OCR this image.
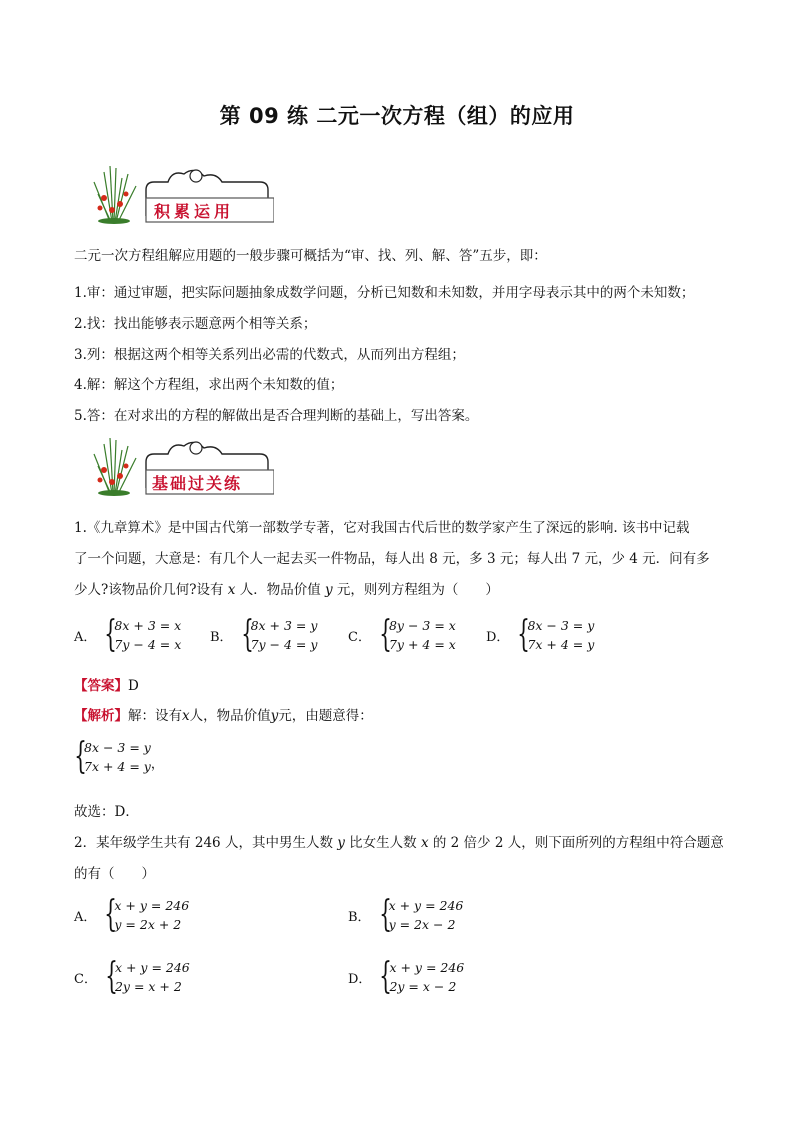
第 09 练 二元一次方程（组）的应用
积累运用
二元一次方程组解应用题的一般步骤可概括为“审、找、列、解、答”五步，即：
1.审：通过审题，把实际问题抽象成数学问题，分析已知数和未知数，并用字母表示其中的两个未知数；
2.找：找出能够表示题意两个相等关系；
3.列：根据这两个相等关系列出必需的代数式，从而列出方程组；
4.解：解这个方程组，求出两个未知数的值；
5.答：在对求出的方程的解做出是否合理判断的基础上，写出答案。
基础过关练
1.《九章算术》是中国古代第一部数学专著，它对我国古代后世的数学家产生了深远的影响. 该书中记载
了一个问题，大意是：有几个人一起去买一件物品，每人出 8 元，多 3 元；每人出 7 元，少 4 元．问有多
少人?该物品价几何?设有 x 人．物品价值 y 元，则列方程组为（　　）
A． {
8x + 3 = x
7y − 4 = x B． {
8x + 3 = y
7y − 4 = y C． {
8y − 3 = x
7y + 4 = x D． {
8x − 3 = y
7x + 4 = y
【答案】D
【解析】解：设有x人，物品价值y元，由题意得：
{
8x − 3 = y
7x + 4 = y ，
故选：D．
2．某年级学生共有 246 人，其中男生人数 y 比女生人数 x 的 2 倍少 2 人，则下面所列的方程组中符合题意
的有（　　）
A． {
x + y = 246
y = 2x + 2	B． {
x + y = 246
y = 2x − 2
C． {
x + y = 246
2y = x + 2	D． {
x + y = 246
2y = x − 2
